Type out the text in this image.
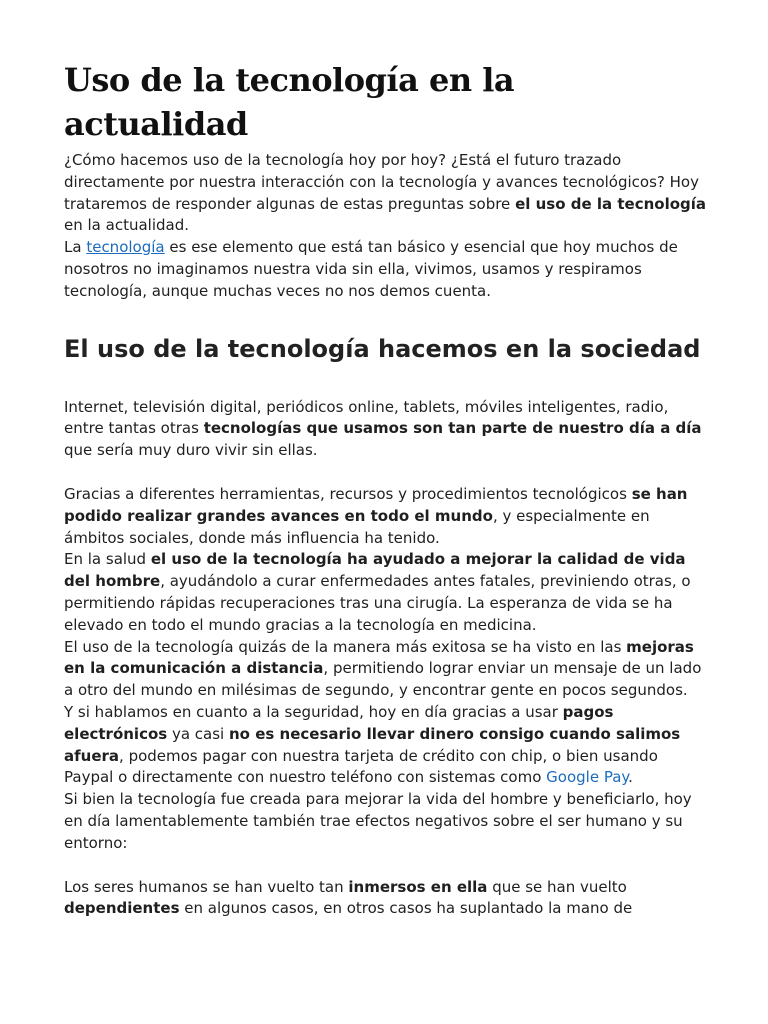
Uso de la tecnología en la actualidad

¿Cómo hacemos uso de la tecnología hoy por hoy? ¿Está el futuro trazado directamente por nuestra interacción con la tecnología y avances tecnológicos? Hoy trataremos de responder algunas de estas preguntas sobre el uso de la tecnología en la actualidad.

La tecnología es ese elemento que está tan básico y esencial que hoy muchos de nosotros no imaginamos nuestra vida sin ella, vivimos, usamos y respiramos tecnología, aunque muchas veces no nos demos cuenta.

El uso de la tecnología hacemos en la sociedad

Internet, televisión digital, periódicos online, tablets, móviles inteligentes, radio, entre tantas otras tecnologías que usamos son tan parte de nuestro día a día que sería muy duro vivir sin ellas.

Gracias a diferentes herramientas, recursos y procedimientos tecnológicos se han podido realizar grandes avances en todo el mundo, y especialmente en ámbitos sociales, donde más influencia ha tenido.

En la salud el uso de la tecnología ha ayudado a mejorar la calidad de vida del hombre, ayudándolo a curar enfermedades antes fatales, previniendo otras, o permitiendo rápidas recuperaciones tras una cirugía. La esperanza de vida se ha elevado en todo el mundo gracias a la tecnología en medicina.

El uso de la tecnología quizás de la manera más exitosa se ha visto en las mejoras en la comunicación a distancia, permitiendo lograr enviar un mensaje de un lado a otro del mundo en milésimas de segundo, y encontrar gente en pocos segundos.

Y si hablamos en cuanto a la seguridad, hoy en día gracias a usar pagos electrónicos ya casi no es necesario llevar dinero consigo cuando salimos afuera, podemos pagar con nuestra tarjeta de crédito con chip, o bien usando Paypal o directamente con nuestro teléfono con sistemas como Google Pay.

Si bien la tecnología fue creada para mejorar la vida del hombre y beneficiarlo, hoy en día lamentablemente también trae efectos negativos sobre el ser humano y su entorno:

Los seres humanos se han vuelto tan inmersos en ella que se han vuelto dependientes en algunos casos, en otros casos ha suplantado la mano de
